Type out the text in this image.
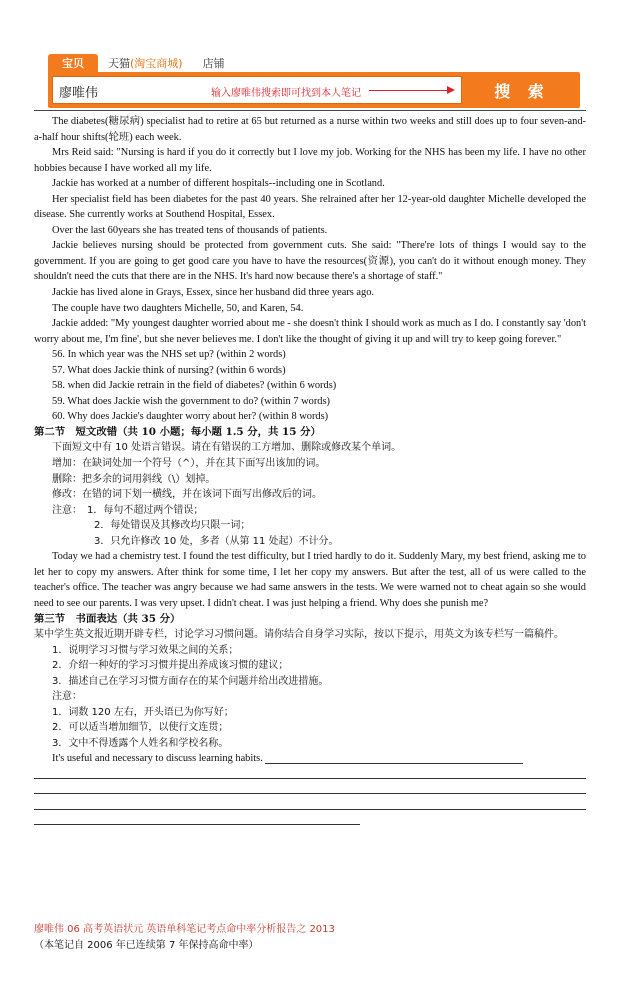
宝贝	天猫(淘宝商城)	店铺
廖唯伟	输入廖唯伟搜索即可找到本人笔记	搜 索

The diabetes(糖尿病) specialist had to retire at 65 but returned as a nurse within two weeks and still does up to four seven-and-a-half hour shifts(轮班) each week.

Mrs Reid said: "Nursing is hard if you do it correctly but I love my job. Working for the NHS has been my life. I have no other hobbies because I have worked all my life.

Jackie has worked at a number of different hospitals--including one in Scotland.

Her specialist field has been diabetes for the past 40 years. She relrained after her 12-year-old daughter Michelle developed the disease. She currently works at Southend Hospital, Essex.

Over the last 60years she has treated tens of thousands of patients.

Jackie believes nursing should be protected from government cuts. She said: "There're lots of things I would say to the government. If you are going to get good care you have to have the resources(资源), you can't do it without enough money. They shouldn't need the cuts that there are in the NHS. It's hard now because there's a shortage of staff."

Jackie has lived alone in Grays, Essex, since her husband did three years ago.

The couple have two daughters Michelle, 50, and Karen, 54.

Jackie added: "My youngest daughter worried about me - she doesn't think I should work as much as I do. I constantly say 'don't worry about me, I'm fine', but she never believes me. I don't like the thought of giving it up and will try to keep going forever."

56. In which year was the NHS set up? (within 2 words)

57. What does Jackie think of nursing? (within 6 words)

58. when did Jackie retrain in the field of diabetes? (within 6 words)

59. What does Jackie wish the government to do? (within 7 words)

60. Why does Jackie's daughter worry about her? (within 8 words)

第二节　短文改错（共 10 小题；每小题 1.5 分，共 15 分）

下面短文中有 10 处语言错误。请在有错误的工方增加、删除或修改某个单词。

增加：在缺词处加一个符号（^），并在其下面写出该加的词。

删除：把多余的词用斜线（\）划掉。

修改：在错的词下划一横线，并在该词下面写出修改后的词。

注意：　1．每句不超过两个错误；

2．每处错误及其修改均只限一词；

3．只允许修改 10 处，多者（从第 11 处起）不计分。

Today we had a chemistry test. I found the test difficulty, but I tried hardly to do it. Suddenly Mary, my best friend, asking me to let her to copy my answers. After think for some time, I let her copy my answers. But after the test, all of us were called to the teacher's office. The teacher was angry because we had same answers in the tests. We were warned not to cheat again so she would need to see our parents. I was very upset. I didn't cheat. I was just helping a friend. Why does she punish me?

第三节　书面表达（共 35 分）

某中学生英文报近期开辟专栏，讨论学习习惯问题。请你结合自身学习实际，按以下提示，用英文为该专栏写一篇稿件。

1．说明学习习惯与学习效果之间的关系；

2．介绍一种好的学习习惯并提出养成该习惯的建议；

3．描述自己在学习习惯方面存在的某个问题并给出改进措施。

注意：

1．词数 120 左右，开头语已为你写好；

2．可以适当增加细节，以使行文连贯；

3．文中不得透露个人姓名和学校名称。

It's useful and necessary to discuss learning habits.
廖唯伟 06 高考英语状元 英语单科笔记考点命中率分析报告之 2013
（本笔记自 2006 年已连续第 7 年保持高命中率）
